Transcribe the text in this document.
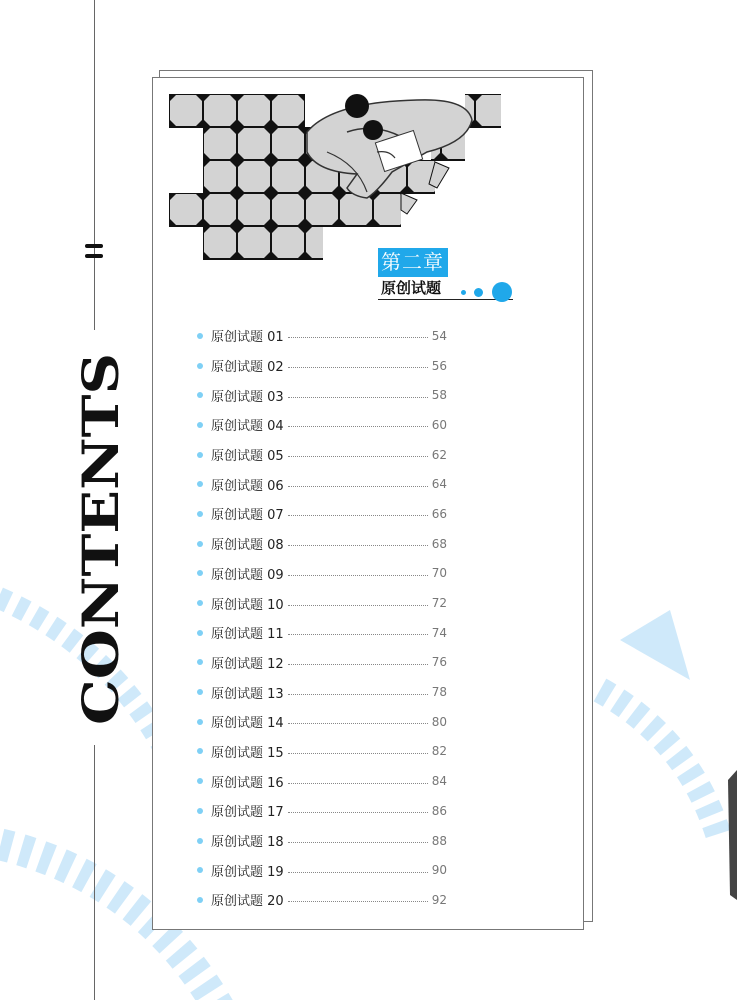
CONTENTS
第二章
原创试题
原创试题 01	54
原创试题 02	56
原创试题 03	58
原创试题 04	60
原创试题 05	62
原创试题 06	64
原创试题 07	66
原创试题 08	68
原创试题 09	70
原创试题 10	72
原创试题 11	74
原创试题 12	76
原创试题 13	78
原创试题 14	80
原创试题 15	82
原创试题 16	84
原创试题 17	86
原创试题 18	88
原创试题 19	90
原创试题 20	92
